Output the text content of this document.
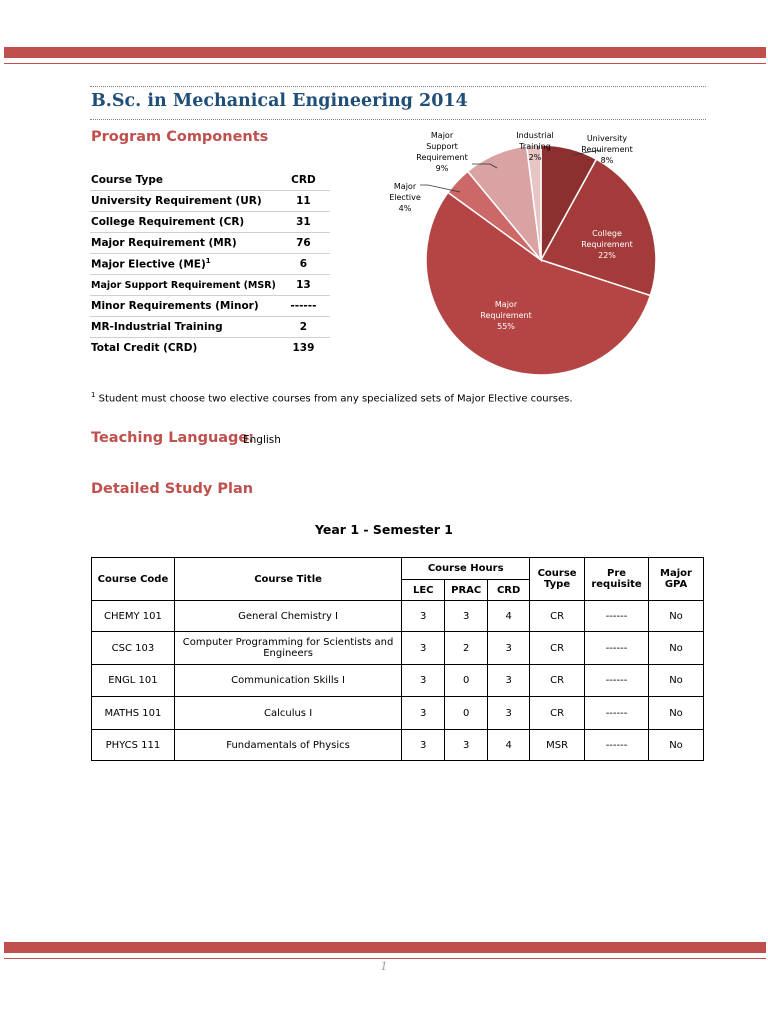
B.Sc. in Mechanical Engineering 2014
Program Components
Course Type	CRD
University Requirement (UR)	11
College Requirement (CR)	31
Major Requirement (MR)	76
Major Elective (ME)$^1$	6
Major Support Requirement (MSR)	13
Minor Requirements (Minor)	------
MR-Industrial Training	2
Total Credit (CRD)	139
University Requirement 8%
College Requirement 22%
Major Requirement 55%
Major Elective 4%
Major Support Requirement 9%
Industrial Training 2%
$^1$ Student must choose two elective courses from any specialized sets of Major Elective courses.
Teaching Language:
English
Detailed Study Plan
Year 1 - Semester 1
Course Code	Course Title	Course Hours			Course Type	Pre requisite	Major GPA
		LEC	PRAC	CRD			
CHEMY 101	General Chemistry I	3	3	4	CR	------	No
CSC 103	Computer Programming for Scientists and Engineers	3	2	3	CR	------	No
ENGL 101	Communication Skills I	3	0	3	CR	------	No
MATHS 101	Calculus I	3	0	3	CR	------	No
PHYCS 111	Fundamentals of Physics	3	3	4	MSR	------	No
1
